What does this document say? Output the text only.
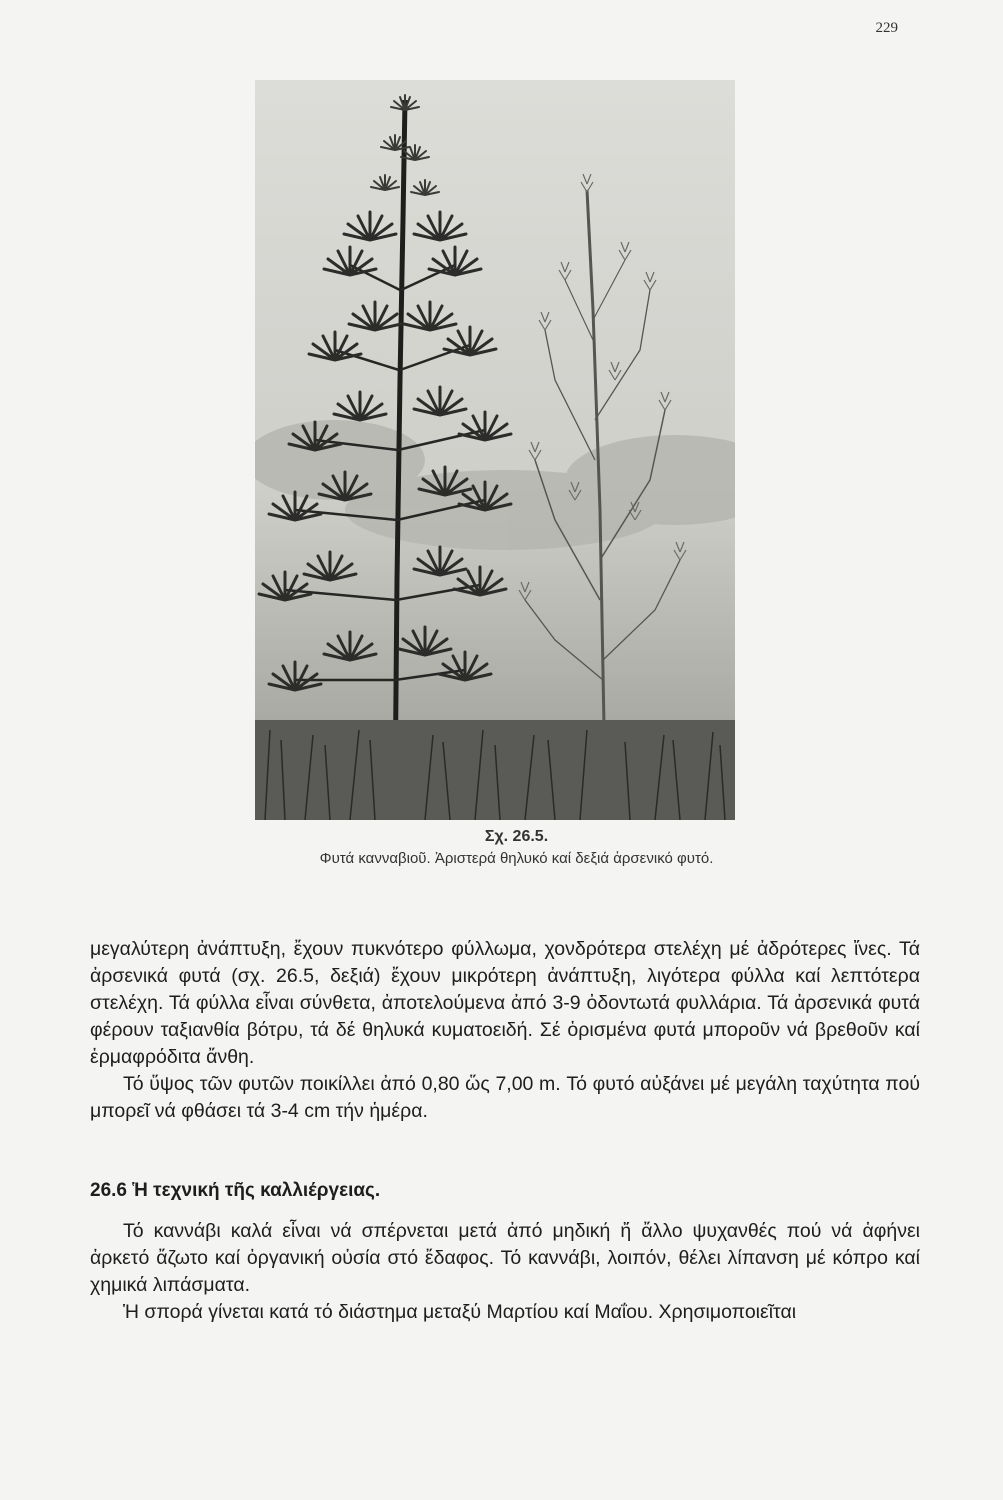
229
Σχ. 26.5.
Φυτά κανναβιοῦ. Ἀριστερά θηλυκό καί δεξιά ἀρσενικό φυτό.

μεγαλύτερη ἀνάπτυξη, ἔχουν πυκνότερο φύλλωμα, χονδρότερα στελέχη μέ ἀδρότερες ἴνες. Τά ἀρσενικά φυτά (σχ. 26.5, δεξιά) ἔχουν μικρότερη ἀνάπτυξη, λιγότερα φύλλα καί λεπτότερα στελέχη. Τά φύλλα εἶναι σύνθετα, ἀποτελούμενα ἀπό 3-9 ὀδοντωτά φυλλάρια. Τά ἀρσενικά φυτά φέρουν ταξιανθία βότρυ, τά δέ θηλυκά κυματοειδή. Σέ ὁρισμένα φυτά μποροῦν νά βρεθοῦν καί ἑρμαφρόδιτα ἄνθη.

Τό ὕψος τῶν φυτῶν ποικίλλει ἀπό 0,80 ὥς 7,00 m. Τό φυτό αὐξάνει μέ μεγάλη ταχύτητα πού μπορεῖ νά φθάσει τά 3-4 cm τήν ἡμέρα.

26.6 Ἡ τεχνική τῆς καλλιέργειας.

Τό καννάβι καλά εἶναι νά σπέρνεται μετά ἀπό μηδική ἤ ἄλλο ψυχανθές πού νά ἀφήνει ἀρκετό ἄζωτο καί ὀργανική οὐσία στό ἔδαφος. Τό καννάβι, λοιπόν, θέλει λίπανση μέ κόπρο καί χημικά λιπάσματα.

Ἡ σπορά γίνεται κατά τό διάστημα μεταξύ Μαρτίου καί Μαΐου. Χρησιμοποιεῖται
